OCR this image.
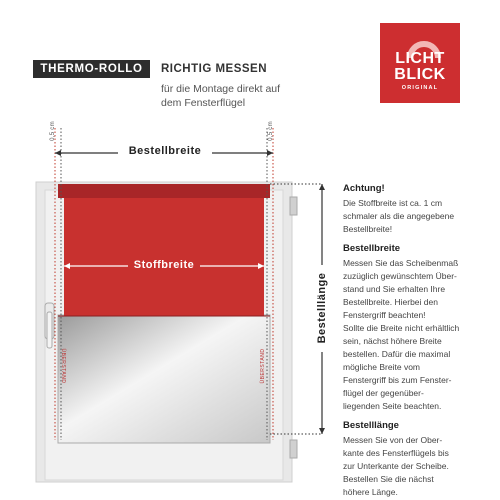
THERMO-ROLLO	RICHTIG MESSEN
für die Montage direkt auf
dem Fensterflügel
LICHT
BLICK
ORIGINAL
0,5 cm	0,5 cm
Bestellbreite
Stoffbreite
Bestelllänge
ÜBERSTAND	ÜBERSTAND
Achtung!
Die Stoffbreite ist ca. 1 cm
schmaler als die angegebene
Bestellbreite!
Bestellbreite
Messen Sie das Scheibenmaß
zuzüglich gewünschtem Über-
stand und Sie erhalten Ihre
Bestellbreite. Hierbei den
Fenstergriff beachten!
Sollte die Breite nicht erhältlich
sein, nächst höhere Breite
bestellen. Dafür die maximal
mögliche Breite vom
Fenstergriff bis zum Fenster-
flügel der gegenüber-
liegenden Seite beachten.
Bestelllänge
Messen Sie von der Ober-
kante des Fensterflügels bis
zur Unterkante der Scheibe.
Bestellen Sie die nächst
höhere Länge.
